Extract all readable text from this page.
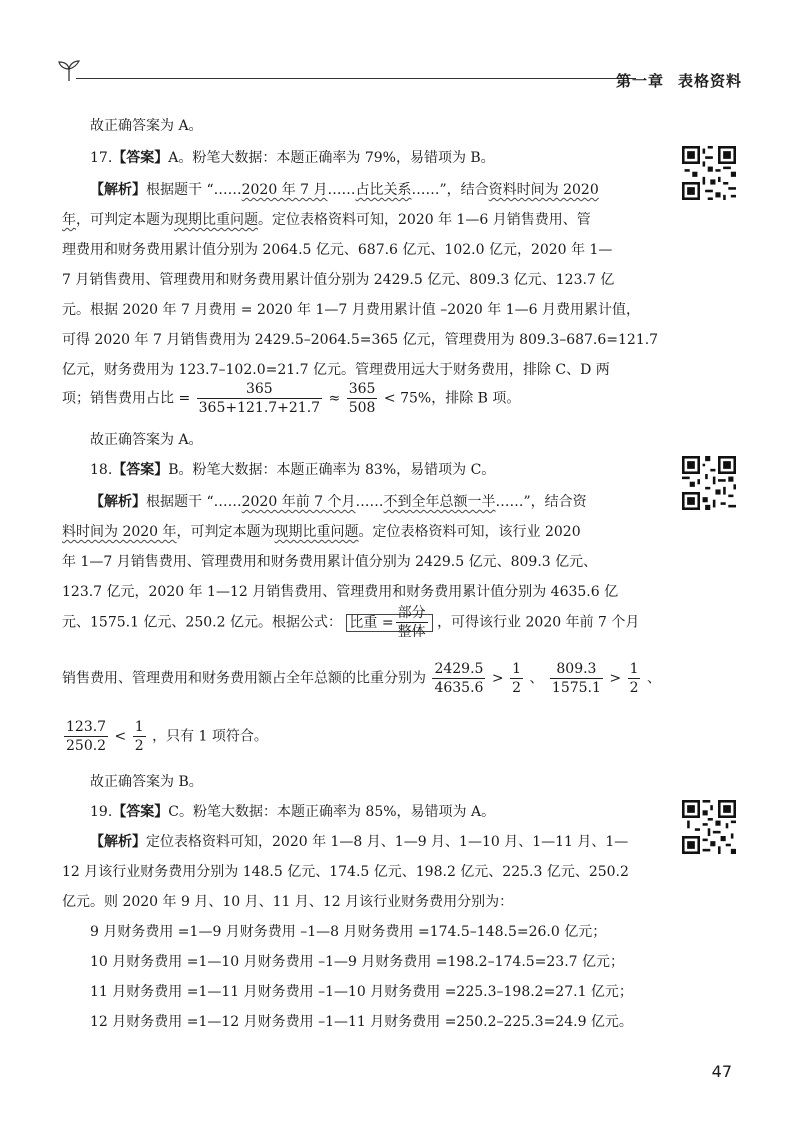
第一章 表格资料
故正确答案为 A。
17.【答案】A。粉笔大数据：本题正确率为 79%，易错项为 B。
【解析】根据题干 “……2020 年 7 月……占比关系……”，结合资料时间为 2020
年，可判定本题为现期比重问题。定位表格资料可知，2020 年 1—6 月销售费用、管
理费用和财务费用累计值分别为 2064.5 亿元、687.6 亿元、102.0 亿元，2020 年 1—
7 月销售费用、管理费用和财务费用累计值分别为 2429.5 亿元、809.3 亿元、123.7 亿
元。根据 2020 年 7 月费用 = 2020 年 1—7 月费用累计值 –2020 年 1—6 月费用累计值，
可得 2020 年 7 月销售费用为 2429.5–2064.5=365 亿元，管理费用为 809.3–687.6=121.7
亿元，财务费用为 123.7–102.0=21.7 亿元。管理费用远大于财务费用，排除 C、D 两
项；销售费用占比 = $\frac{365}{365+121.7+21.7} \approx \frac{365}{508} < 75\%$，排除 B 项。
故正确答案为 A。
18.【答案】B。粉笔大数据：本题正确率为 83%，易错项为 C。
【解析】根据题干 “……2020 年前 7 个月……不到全年总额一半……”，结合资
料时间为 2020 年，可判定本题为现期比重问题。定位表格资料可知，该行业 2020
年 1—7 月销售费用、管理费用和财务费用累计值分别为 2429.5 亿元、809.3 亿元、
123.7 亿元，2020 年 1—12 月销售费用、管理费用和财务费用累计值分别为 4635.6 亿
元、1575.1 亿元、250.2 亿元。根据公式： 比重 = $\frac{\text{部分}}{\text{整体}}$ ，可得该行业 2020 年前 7 个月
销售费用、管理费用和财务费用额占全年总额的比重分别为 $\frac{2429.5}{4635.6} > \frac{1}{2}$ 、 $\frac{809.3}{1575.1} > \frac{1}{2}$ 、
$\frac{123.7}{250.2} < \frac{1}{2}$ ，只有 1 项符合。
故正确答案为 B。
19.【答案】C。粉笔大数据：本题正确率为 85%，易错项为 A。
【解析】定位表格资料可知，2020 年 1—8 月、1—9 月、1—10 月、1—11 月、1—
12 月该行业财务费用分别为 148.5 亿元、174.5 亿元、198.2 亿元、225.3 亿元、250.2
亿元。则 2020 年 9 月、10 月、11 月、12 月该行业财务费用分别为：
9 月财务费用 =1—9 月财务费用 –1—8 月财务费用 =174.5–148.5=26.0 亿元；
10 月财务费用 =1—10 月财务费用 –1—9 月财务费用 =198.2–174.5=23.7 亿元；
11 月财务费用 =1—11 月财务费用 –1—10 月财务费用 =225.3–198.2=27.1 亿元；
12 月财务费用 =1—12 月财务费用 –1—11 月财务费用 =250.2–225.3=24.9 亿元。
47
